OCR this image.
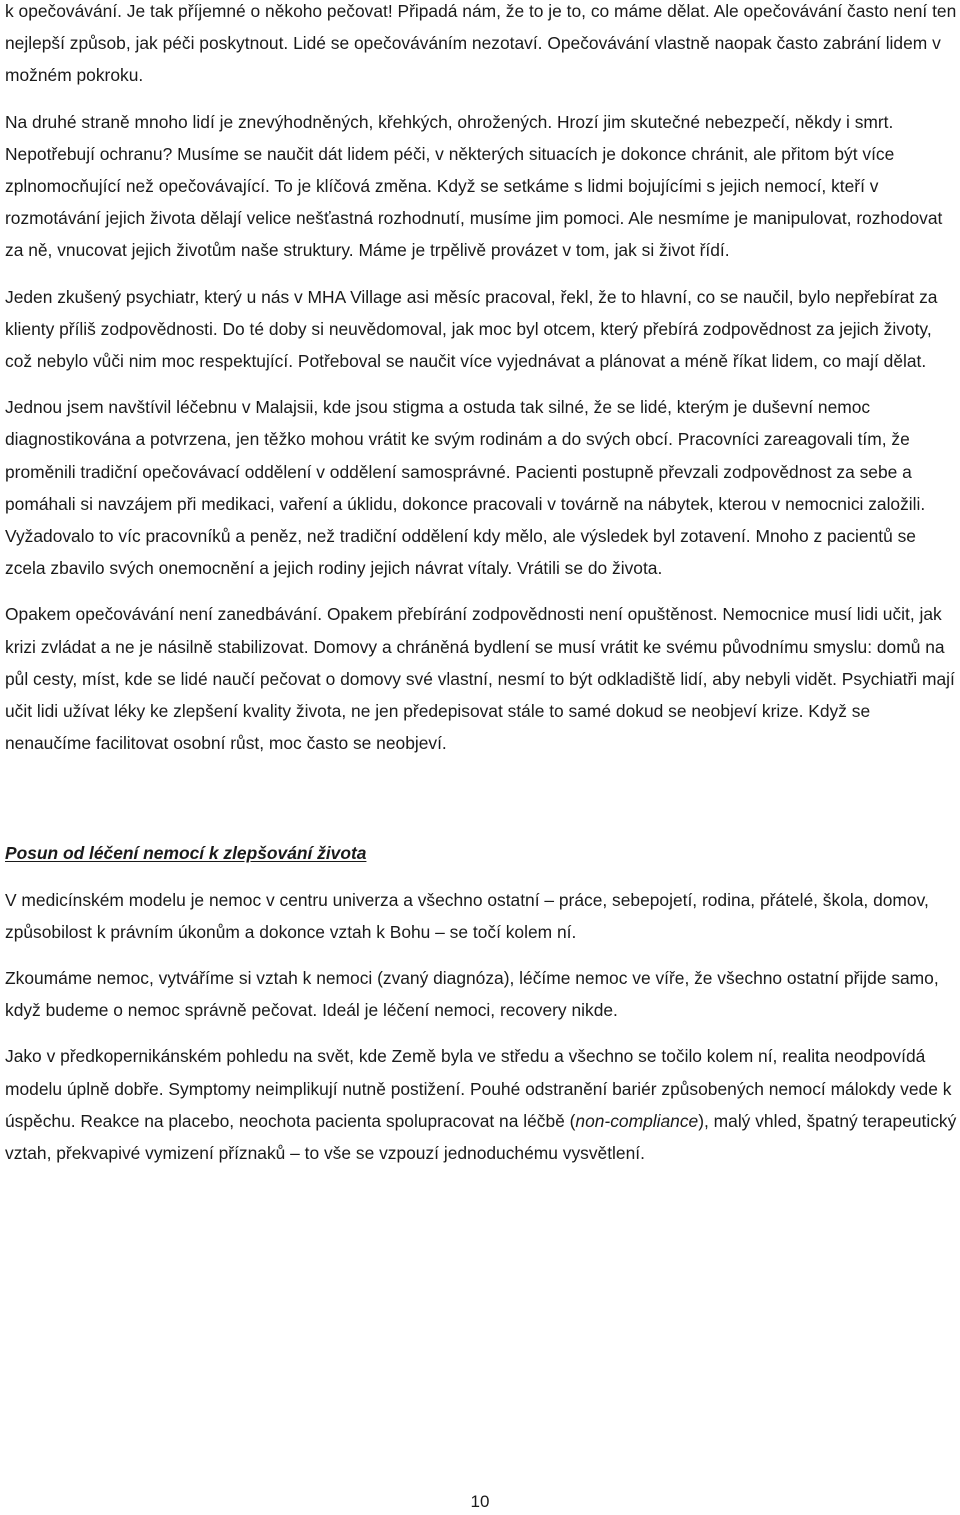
k opečovávání. Je tak příjemné o někoho pečovat! Připadá nám, že to je to, co máme dělat. Ale opečovávání často není ten nejlepší způsob, jak péči poskytnout. Lidé se opečováváním nezotaví. Opečovávání vlastně naopak často zabrání lidem v možném pokroku.

Na druhé straně mnoho lidí je znevýhodněných, křehkých, ohrožených. Hrozí jim skutečné nebezpečí, někdy i smrt. Nepotřebují ochranu? Musíme se naučit dát lidem péči, v některých situacích je dokonce chránit, ale přitom být více zplnomocňující než opečovávající. To je klíčová změna. Když se setkáme s lidmi bojujícími s jejich nemocí, kteří v rozmotávání jejich života dělají velice nešťastná rozhodnutí, musíme jim pomoci. Ale nesmíme je manipulovat, rozhodovat za ně, vnucovat jejich životům naše struktury. Máme je trpělivě provázet v tom, jak si život řídí.

Jeden zkušený psychiatr, který u nás v MHA Village asi měsíc pracoval, řekl, že to hlavní, co se naučil, bylo nepřebírat za klienty příliš zodpovědnosti. Do té doby si neuvědomoval, jak moc byl otcem, který přebírá zodpovědnost za jejich životy, což nebylo vůči nim moc respektující. Potřeboval se naučit více vyjednávat a plánovat a méně říkat lidem, co mají dělat.

Jednou jsem navštívil léčebnu v Malajsii, kde jsou stigma a ostuda tak silné, že se lidé, kterým je duševní nemoc diagnostikována a potvrzena, jen těžko mohou vrátit ke svým rodinám a do svých obcí. Pracovníci zareagovali tím, že proměnili tradiční opečovávací oddělení v oddělení samosprávné. Pacienti postupně převzali zodpovědnost za sebe a pomáhali si navzájem při medikaci, vaření a úklidu, dokonce pracovali v továrně na nábytek, kterou v nemocnici založili. Vyžadovalo to víc pracovníků a peněz, než tradiční oddělení kdy mělo, ale výsledek byl zotavení. Mnoho z pacientů se zcela zbavilo svých onemocnění a jejich rodiny jejich návrat vítaly. Vrátili se do života.

Opakem opečovávání není zanedbávání. Opakem přebírání zodpovědnosti není opuštěnost. Nemocnice musí lidi učit, jak krizi zvládat a ne je násilně stabilizovat. Domovy a chráněná bydlení se musí vrátit ke svému původnímu smyslu: domů na půl cesty, míst, kde se lidé naučí pečovat o domovy své vlastní, nesmí to být odkladiště lidí, aby nebyli vidět. Psychiatři mají učit lidi užívat léky ke zlepšení kvality života, ne jen předepisovat stále to samé dokud se neobjeví krize. Když se nenaučíme facilitovat osobní růst, moc často se neobjeví.

Posun od léčení nemocí k zlepšování života

V medicínském modelu je nemoc v centru univerza a všechno ostatní – práce, sebepojetí, rodina, přátelé, škola, domov, způsobilost k právním úkonům a dokonce vztah k Bohu – se točí kolem ní.

Zkoumáme nemoc, vytváříme si vztah k nemoci (zvaný diagnóza), léčíme nemoc ve víře, že všechno ostatní přijde samo, když budeme o nemoc správně pečovat. Ideál je léčení nemoci, recovery nikde.

Jako v předkopernikánském pohledu na svět, kde Země byla ve středu a všechno se točilo kolem ní, realita neodpovídá modelu úplně dobře. Symptomy neimplikují nutně postižení. Pouhé odstranění bariér způsobených nemocí málokdy vede k úspěchu. Reakce na placebo, neochota pacienta spolupracovat na léčbě (non-compliance), malý vhled, špatný terapeutický vztah, překvapivé vymizení příznaků – to vše se vzpouzí jednoduchému vysvětlení.

10
